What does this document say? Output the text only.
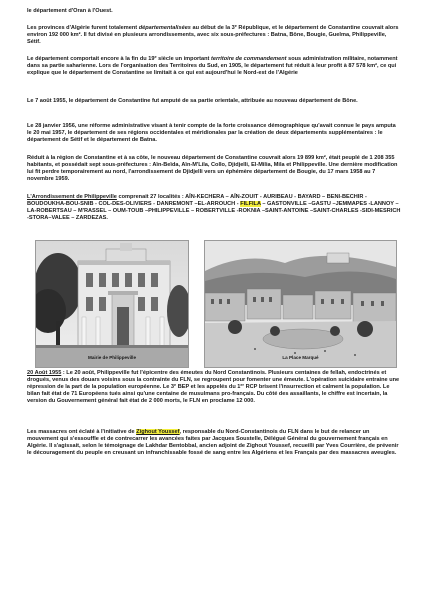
le département d'Oran à l'Ouest.

Les provinces d'Algérie furent totalement départementalisées au début de la 3e République, et le département de Constantine couvrait alors environ 192 000 km². Il fut divisé en plusieurs arrondissements, avec six sous-préfectures : Batna, Bône, Bougie, Guelma, Philippeville, Sétif.

Le département comportait encore à la fin du 19e siècle un important territoire de commandement sous administration militaire, notamment dans sa partie saharienne. Lors de l'organisation des Territoires du Sud, en 1905, le département fut réduit à leur profit à 87 578 km², ce qui explique que le département de Constantine se limitait à ce qui est aujourd'hui le Nord-est de l'Algérie

Le 7 août 1955, le département de Constantine fut amputé de sa partie orientale, attribuée au nouveau département de Bône.

Le 28 janvier 1956, une réforme administrative visant à tenir compte de la forte croissance démographique qu'avait connue le pays amputa le 20 mai 1957, le département de ses régions occidentales et méridionales par la création de deux départements supplémentaires : le département de Sétif et le département de Batna.

Réduit à la région de Constantine et à sa côte, le nouveau département de Constantine couvrait alors 19 899 km², était peuplé de 1 208 355 habitants, et possédait sept sous-préfectures : Aïn-Beïda, Aïn-M'Lila, Collo, Djidjelli, El-Milia, Mila et Philippeville. Une dernière modification lui fit perdre temporairement au nord, l'arrondissement de Djidjelli vers un éphémère département de Bougie, du 17 mars 1958 au 7 novembre 1959.

L'Arrondissement de Philippeville comprenait 27 localités : AÏN-KECHERA – AÏN-ZOUIT - AURIBEAU - BAYARD – BENI-BECHIR - BOUDOUKHA-BOU-SNIB - COL-DES-OLIVIERS - DANREMONT –EL-ARROUCH - FILFILA – GASTONVILLE –GASTU –JEMMAPES -LANNOY –LA-ROBERTSAU – M'RASSEL – OUM-TOUB –PHILIPPEVILLE – ROBERTVILLE -ROKNIA –SAINT-ANTOINE –SAINT-CHARLES -SIDI-MESRICH -STORA–VALEE – ZARDEZAS.

Mairie de Philippeville	La Place Marqué

20 Août 1955 : Le 20 août, Philippeville fut l'épicentre des émeutes du Nord Constantinois. Plusieurs centaines de fellah, endoctrinés et drogués, venus des douars voisins sous la contrainte du FLN, se regroupent pour fomenter une émeute. L'opération suicidaire entraine une répression de la part de la population européenne. Le 3e BEP et les appelés du 1er RCP brisent l'insurrection et calment la population. Le bilan fait état de 71 Européens tués ainsi qu'une centaine de musulmans pro-français. Du côté des assaillants, le chiffre est incertain, la version du Gouvernement général fait état de 2 000 morts, le FLN en proclame 12 000.

Les massacres ont éclaté à l'initiative de Zighout Youssef, responsable du Nord-Constantinois du FLN dans le but de relancer un mouvement qui s'essouffle et de contrecarrer les avancées faites par Jacques Soustelle, Délégué Général du gouvernement français en Algérie. Il s'agissait, selon le témoignage de Lakhdar Bentobbal, ancien adjoint de Zighout Youssef, recueilli par Yves Courrière, de prévenir le découragement du peuple en creusant un infranchissable fossé de sang entre les Algériens et les Français par des massacres aveugles.
